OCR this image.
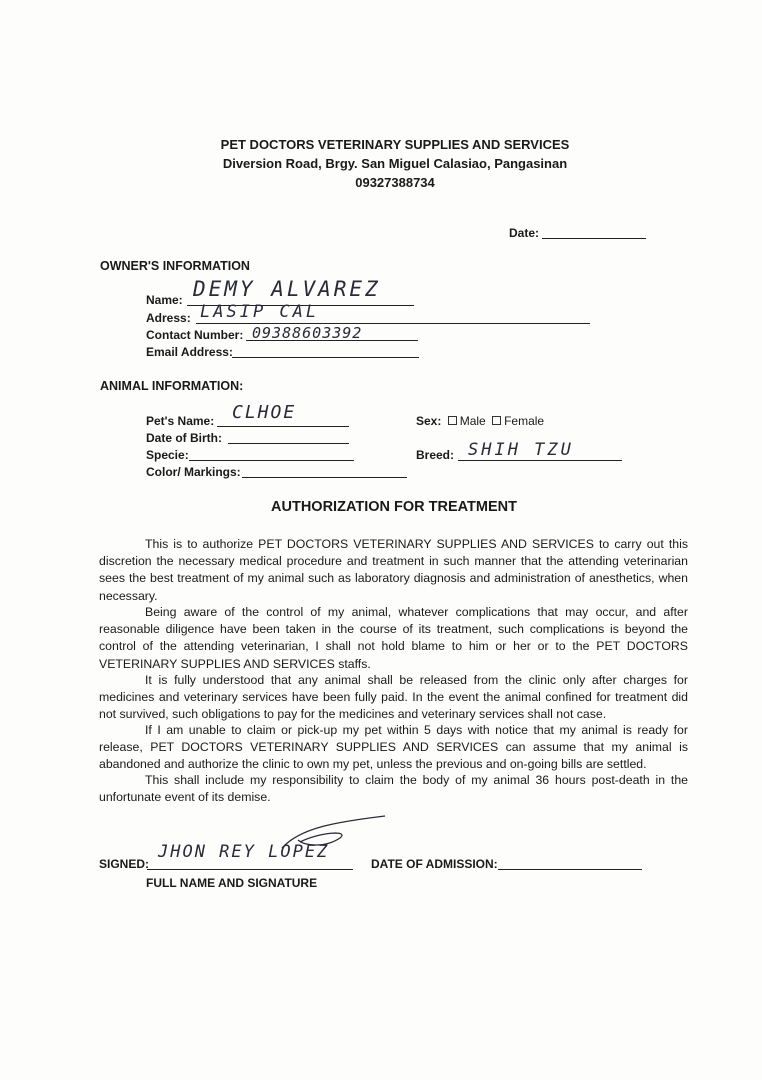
PET DOCTORS VETERINARY SUPPLIES AND SERVICES
Diversion Road, Brgy. San Miguel Calasiao, Pangasinan
09327388734
Date:
OWNER'S INFORMATION
Name: DEMY ALVAREZ
Adress: LASIP CAL
Contact Number: 09388603392
Email Address:
ANIMAL INFORMATION:
Pet's Name: CLHOE
Date of Birth:
Specie:
Color/ Markings:
Sex: Male Female
Breed: SHIH TZU
AUTHORIZATION FOR TREATMENT
This is to authorize PET DOCTORS VETERINARY SUPPLIES AND SERVICES to carry out this discretion the necessary medical procedure and treatment in such manner that the attending veterinarian sees the best treatment of my animal such as laboratory diagnosis and administration of anesthetics, when necessary.
Being aware of the control of my animal, whatever complications that may occur, and after reasonable diligence have been taken in the course of its treatment, such complications is beyond the control of the attending veterinarian, I shall not hold blame to him or her or to the PET DOCTORS VETERINARY SUPPLIES AND SERVICES staffs.
It is fully understood that any animal shall be released from the clinic only after charges for medicines and veterinary services have been fully paid. In the event the animal confined for treatment did not survived, such obligations to pay for the medicines and veterinary services shall not case.
If I am unable to claim or pick-up my pet within 5 days with notice that my animal is ready for release, PET DOCTORS VETERINARY SUPPLIES AND SERVICES can assume that my animal is abandoned and authorize the clinic to own my pet, unless the previous and on-going bills are settled.
This shall include my responsibility to claim the body of my animal 36 hours post-death in the unfortunate event of its demise.
SIGNED:
JHON REY LOPEZ
FULL NAME AND SIGNATURE
DATE OF ADMISSION:
